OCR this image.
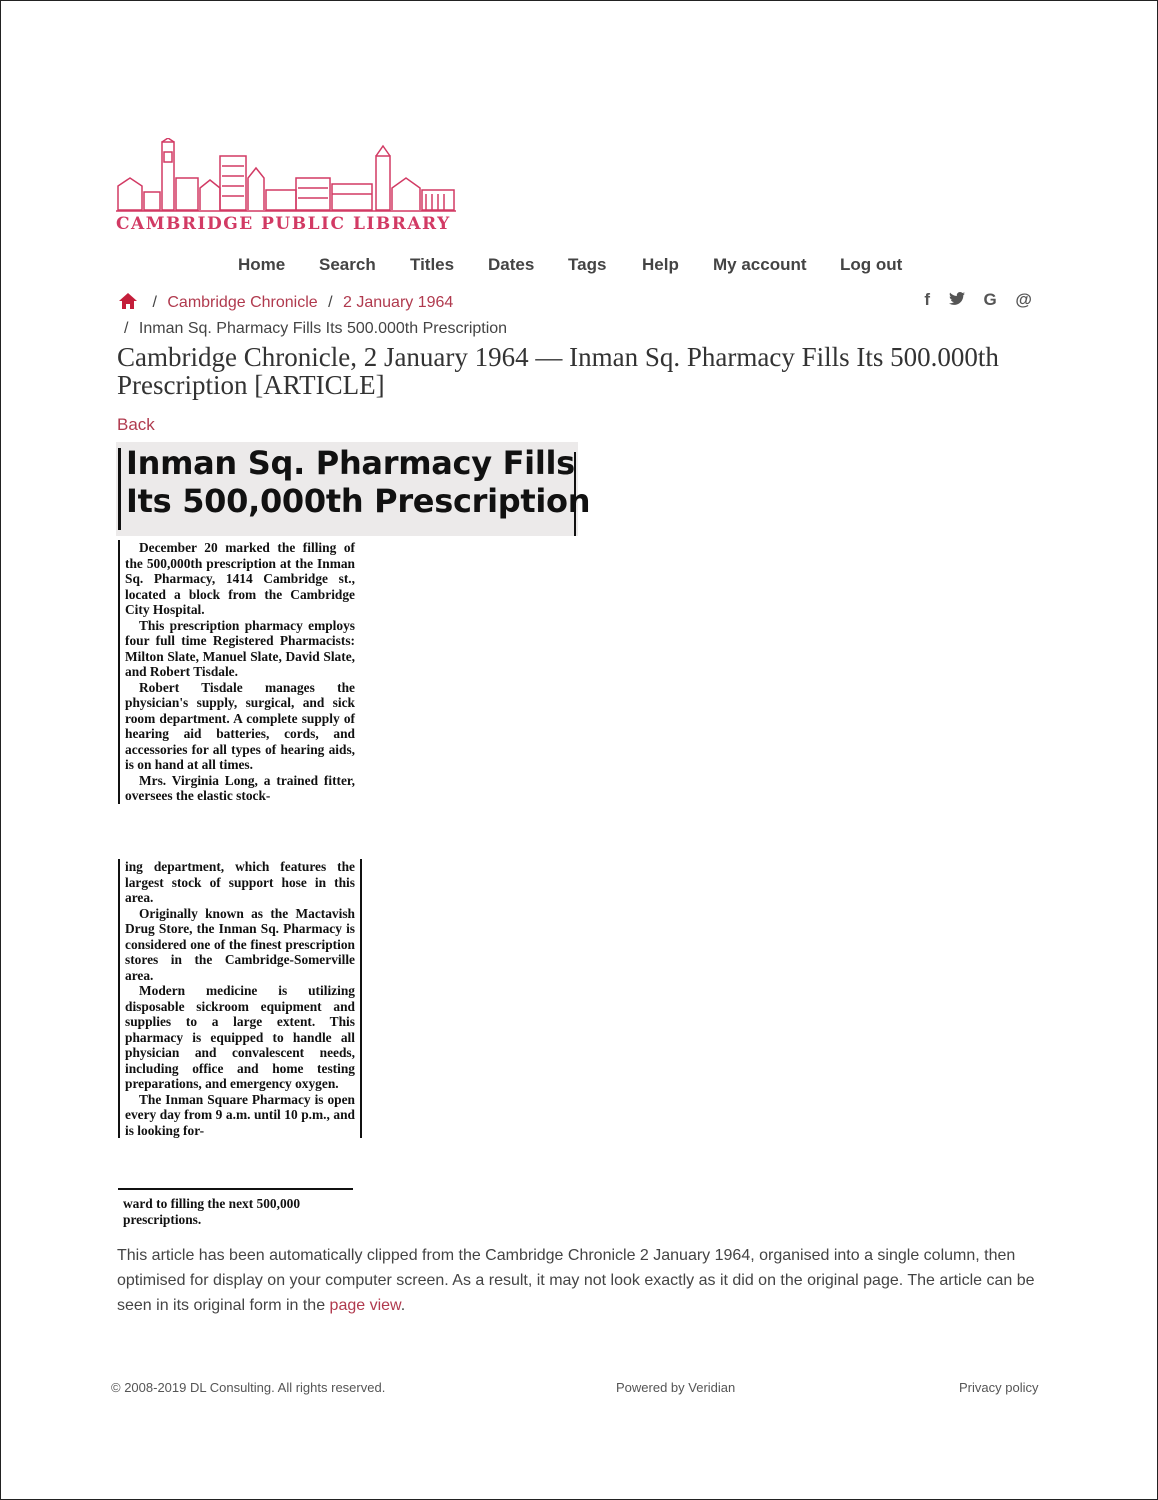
CAMBRIDGE PUBLIC LIBRARY
Home Search Titles Dates Tags Help My account Log out
/ Cambridge Chronicle / 2 January 1964
/ Inman Sq. Pharmacy Fills Its 500.000th Prescription
f	G @
Cambridge Chronicle, 2 January 1964 — Inman Sq. Pharmacy Fills Its 500.000th Prescription [ARTICLE]
Back
Inman Sq. Pharmacy Fills
Its 500,000th Prescription

December 20 marked the filling of the 500,000th prescription at the Inman Sq. Pharmacy, 1414 Cambridge st., located a block from the Cambridge City Hospital.

This prescription pharmacy employs four full time Registered Pharmacists: Milton Slate, Manuel Slate, David Slate, and Robert Tisdale.

Robert Tisdale manages the physician's supply, surgical, and sick room department. A complete supply of hearing aid batteries, cords, and accessories for all types of hearing aids, is on hand at all times.

Mrs. Virginia Long, a trained fitter, oversees the elastic stock-

ing department, which features the largest stock of support hose in this area.

Originally known as the Mactavish Drug Store, the Inman Sq. Pharmacy is considered one of the finest prescription stores in the Cambridge-Somerville area.

Modern medicine is utilizing disposable sickroom equipment and supplies to a large extent. This pharmacy is equipped to handle all physician and convalescent needs, including office and home testing preparations, and emergency oxygen.

The Inman Square Pharmacy is open every day from 9 a.m. until 10 p.m., and is looking for-

ward to filling the next 500,000 prescriptions.

This article has been automatically clipped from the Cambridge Chronicle 2 January 1964, organised into a single column, then optimised for display on your computer screen. As a result, it may not look exactly as it did on the original page. The article can be seen in its original form in the page view.
© 2008-2019 DL Consulting. All rights reserved.	Powered by Veridian	Privacy policy
